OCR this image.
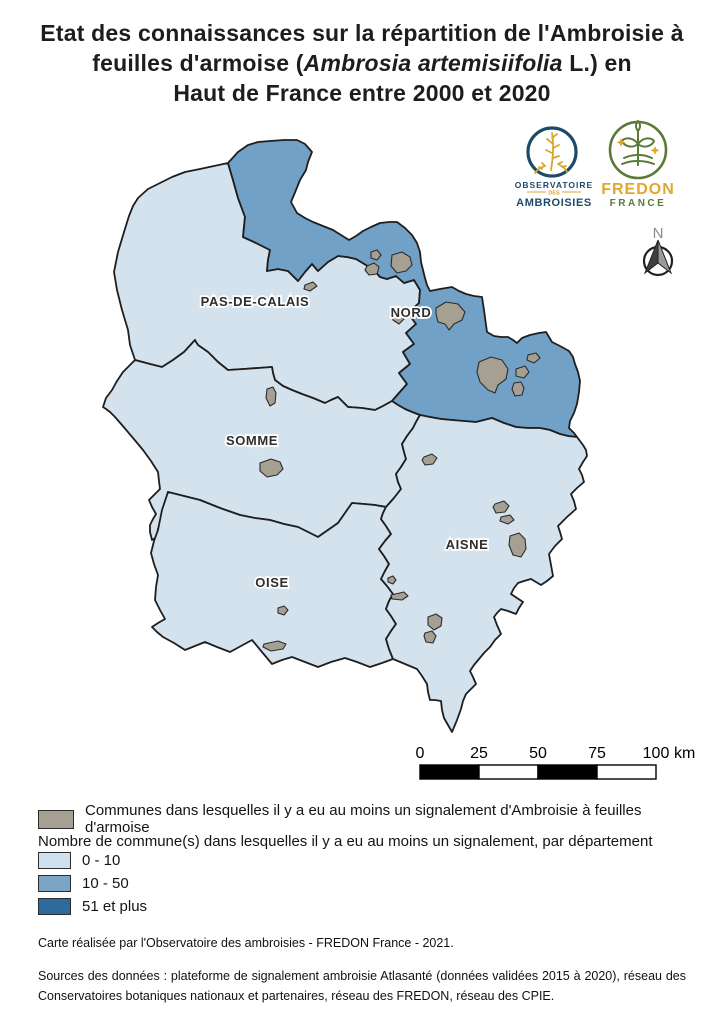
PAS-DE-CALAIS
NORD
SOMME
OISE
AISNE
0	25	50	75 100 km
N
OBSERVATOIRE
DES
AMBROISIES
FREDON
FRANCE
Etat des connaissances sur la répartition de l'Ambroisie à
feuilles d'armoise (Ambrosia artemisiifolia L.) en
Haut de France entre 2000 et 2020
Communes dans lesquelles il y a eu au moins un signalement d'Ambroisie à feuilles d'armoise
Nombre de commune(s) dans lesquelles il y a eu au moins un signalement, par département
0 - 10
10 - 50
51 et plus
Carte réalisée par l'Observatoire des ambroisies - FREDON France - 2021.
Sources des données : plateforme de signalement ambroisie Atlasanté (données validées 2015 à 2020), réseau des Conservatoires botaniques nationaux et partenaires, réseau des FREDON, réseau des CPIE.
